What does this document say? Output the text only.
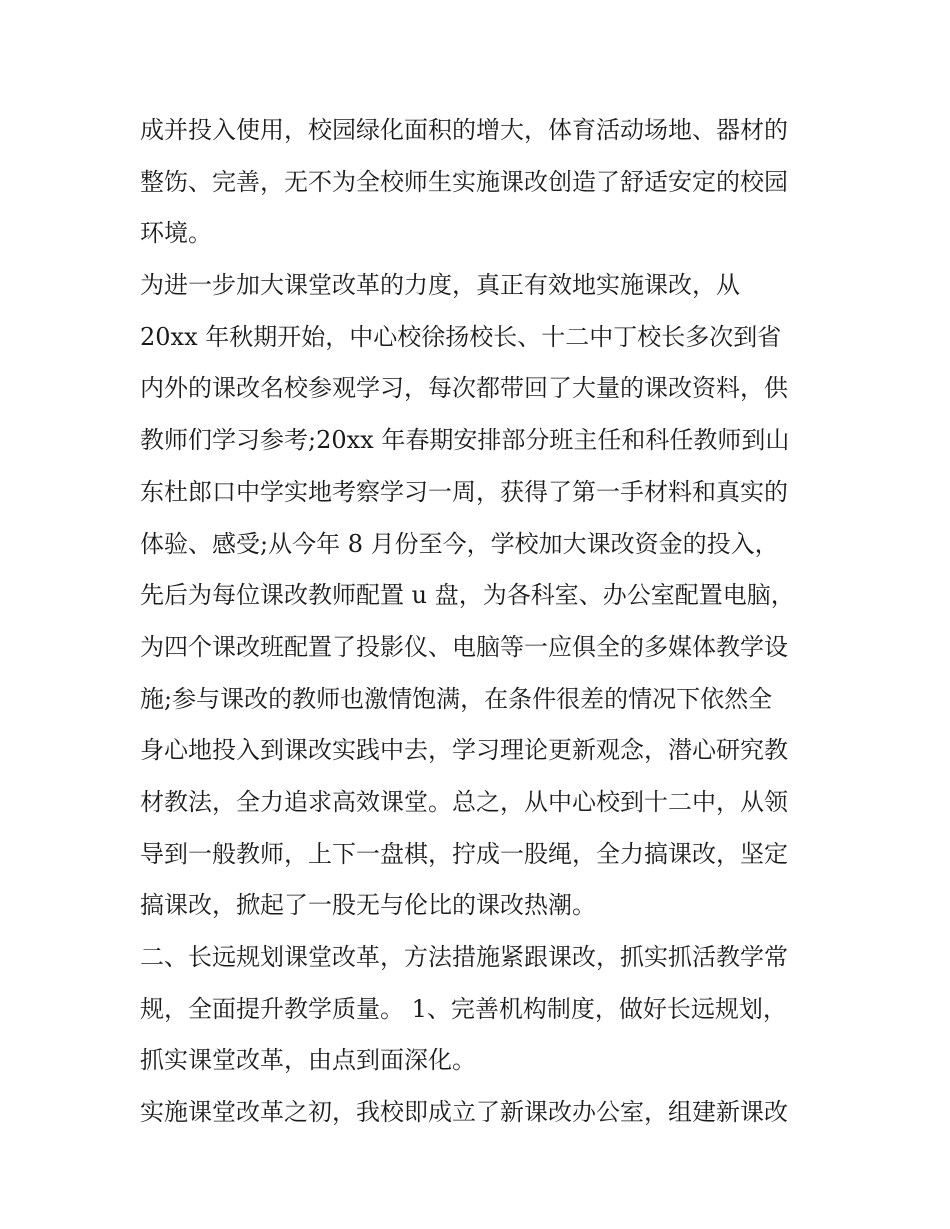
成并投入使用，校园绿化面积的增大，体育活动场地、器材的
整饬、完善，无不为全校师生实施课改创造了舒适安定的校园
环境。
为进一步加大课堂改革的力度，真正有效地实施课改，从
20xx 年秋期开始，中心校徐扬校长、十二中丁校长多次到省
内外的课改名校参观学习，每次都带回了大量的课改资料，供
教师们学习参考;20xx 年春期安排部分班主任和科任教师到山
东杜郎口中学实地考察学习一周，获得了第一手材料和真实的
体验、感受;从今年 8 月份至今，学校加大课改资金的投入，
先后为每位课改教师配置 u 盘，为各科室、办公室配置电脑，
为四个课改班配置了投影仪、电脑等一应俱全的多媒体教学设
施;参与课改的教师也激情饱满，在条件很差的情况下依然全
身心地投入到课改实践中去，学习理论更新观念，潜心研究教
材教法，全力追求高效课堂。总之，从中心校到十二中，从领
导到一般教师，上下一盘棋，拧成一股绳，全力搞课改，坚定
搞课改，掀起了一股无与伦比的课改热潮。
二、长远规划课堂改革，方法措施紧跟课改，抓实抓活教学常
规，全面提升教学质量。 1、完善机构制度，做好长远规划，
抓实课堂改革，由点到面深化。
实施课堂改革之初，我校即成立了新课改办公室，组建新课改
